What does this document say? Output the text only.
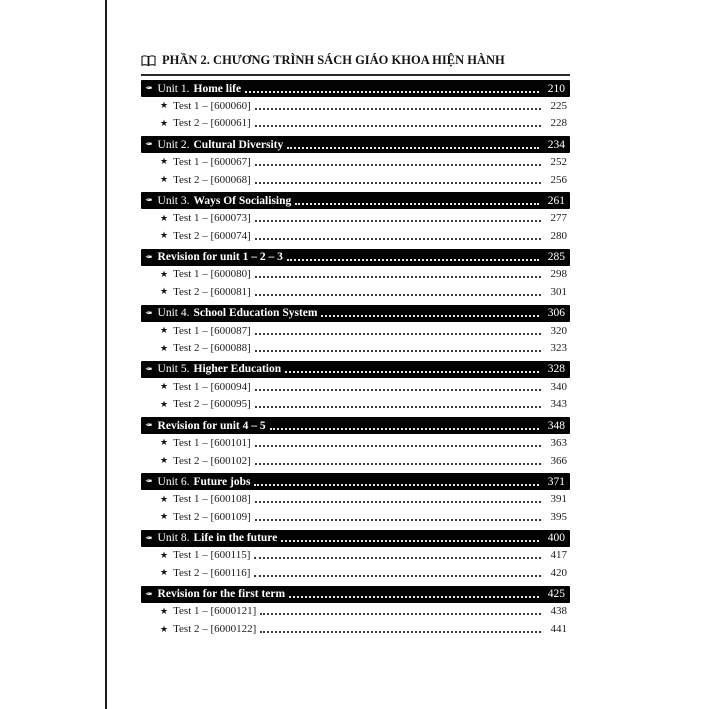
PHẦN 2. CHƯƠNG TRÌNH SÁCH GIÁO KHOA HIỆN HÀNH
✒ Unit 1. Home life	210
★ Test 1 – [600060]	225
★ Test 2 – [600061]	228
✒ Unit 2. Cultural Diversity	234
★ Test 1 – [600067]	252
★ Test 2 – [600068]	256
✒ Unit 3. Ways Of Socialising	261
★ Test 1 – [600073]	277
★ Test 2 – [600074]	280
✒ Revision for unit 1 – 2 – 3	285
★ Test 1 – [600080]	298
★ Test 2 – [600081]	301
✒ Unit 4. School Education System	306
★ Test 1 – [600087]	320
★ Test 2 – [600088]	323
✒ Unit 5. Higher Education	328
★ Test 1 – [600094]	340
★ Test 2 – [600095]	343
✒ Revision for unit 4 – 5	348
★ Test 1 – [600101]	363
★ Test 2 – [600102]	366
✒ Unit 6. Future jobs	371
★ Test 1 – [600108]	391
★ Test 2 – [600109]	395
✒ Unit 8. Life in the future	400
★ Test 1 – [600115]	417
★ Test 2 – [600116]	420
✒ Revision for the first term	425
★ Test 1 – [6000121]	438
★ Test 2 – [6000122]	441
